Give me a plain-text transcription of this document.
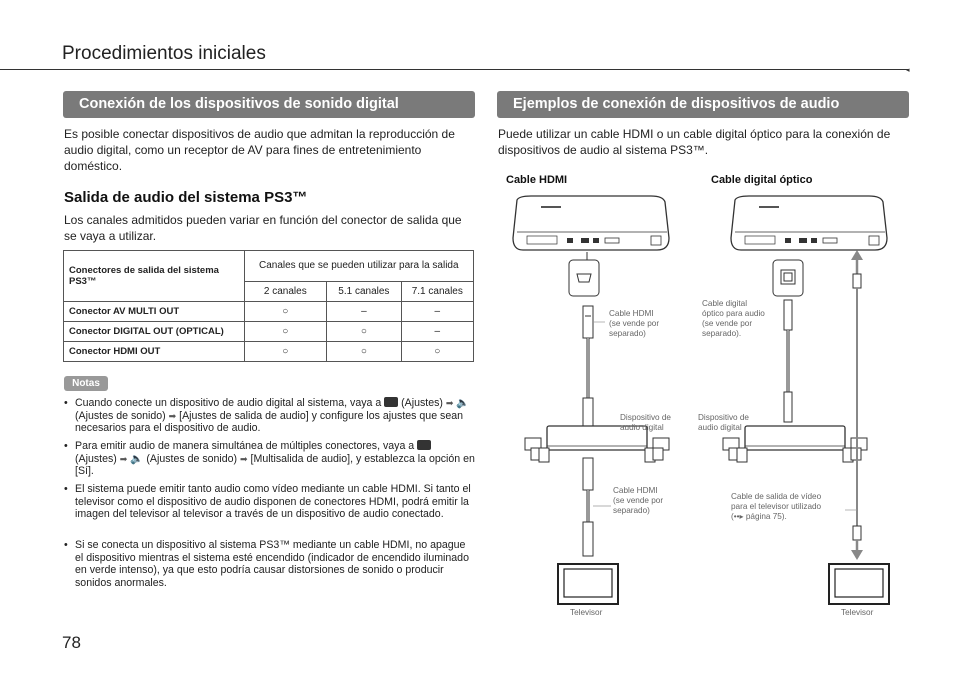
Procedimientos iniciales
◂
Conexión de los dispositivos de sonido digital
Es posible conectar dispositivos de audio que admitan la reproducción de audio digital, como un receptor de AV para fines de entretenimiento doméstico.
Salida de audio del sistema PS3™
Los canales admitidos pueden variar en función del conector de salida que se vaya a utilizar.
Conectores de salida del sistema PS3™	Canales que se pueden utilizar para la salida		
	2 canales	5.1 canales	7.1 canales
Conector AV MULTI OUT	○	–	–
Conector DIGITAL OUT (OPTICAL)	○	○	–
Conector HDMI OUT	○	○	○
Notas
• Cuando conecte un dispositivo de audio digital al sistema, vaya a (Ajustes) ➡ 🔈 (Ajustes de sonido) ➡ [Ajustes de salida de audio] y configure los ajustes que sean necesarios para el dispositivo de audio.
• Para emitir audio de manera simultánea de múltiples conectores, vaya a  (Ajustes) ➡ 🔈 (Ajustes de sonido) ➡ [Multisalida de audio], y establezca la opción en [Sí].
• El sistema puede emitir tanto audio como vídeo mediante un cable HDMI. Si tanto el televisor como el dispositivo de audio disponen de conectores HDMI, podrá emitir la imagen del televisor al televisor a través de un dispositivo de audio conectado.
• Si se conecta un dispositivo al sistema PS3™ mediante un cable HDMI, no apague el dispositivo mientras el sistema esté encendido (indicador de encendido iluminado en verde intenso), ya que esto podría causar distorsiones de sonido o producir sonidos anormales.
78
Ejemplos de conexión de dispositivos de audio
Puede utilizar un cable HDMI o un cable digital óptico para la conexión de dispositivos de audio al sistema PS3™.
Cable HDMI	Cable digital óptico
Cable HDMI
(se vende por
separado)
Dispositivo de
audio digital
Cable HDMI
(se vende por
separado)
Televisor
Cable digital
óptico para audio
(se vende por
separado).
Dispositivo de
audio digital
Cable de salida de vídeo
para el televisor utilizado
(••▸ página 75).
Televisor
